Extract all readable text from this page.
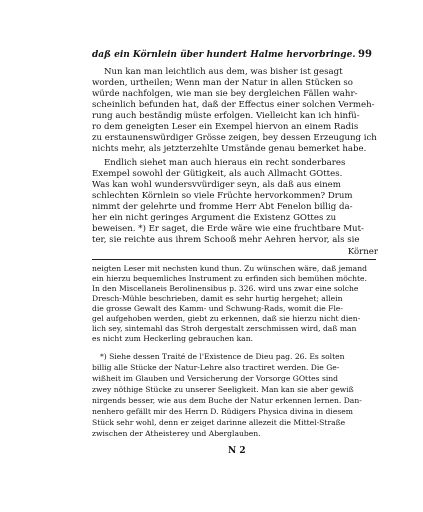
daß ein Körnlein über hundert Halme hervorbringe. 99
Nun kan man leichtlich aus dem, was bisher ist gesagt
worden, urtheilen; Wenn man der Natur in allen Stücken so
würde nachfolgen, wie man sie bey dergleichen Fällen wahr-
scheinlich befunden hat, daß der Effectus einer solchen Vermeh-
rung auch beständig müste erfolgen. Vielleicht kan ich hinfü-
ro dem geneigten Leser ein Exempel hiervon an einem Radis
zu erstaunenswürdiger Grösse zeigen, bey dessen Erzeugung ich
nichts mehr, als jetzterzehlte Umstände genau bemerket habe.
Endlich siehet man auch hieraus ein recht sonderbares
Exempel sowohl der Gütigkeit, als auch Allmacht GOttes.
Was kan wohl wundersvvürdiger seyn, als daß aus einem
schlechten Körnlein so viele Früchte hervorkommen? Drum
nimmt der gelehrte und fromme Herr Abt Fenelon billig da-
her ein nicht geringes Argument die Existenz GOttes zu
beweisen. *) Er saget, die Erde wäre wie eine fruchtbare Mut-
ter, sie reichte aus ihrem Schooß mehr Aehren hervor, als sie
Körner
neigten Leser mit nechsten kund thun. Zu wünschen wäre, daß jemand
ein hierzu bequemliches Instrument zu erfinden sich bemühen möchte.
In den Miscellaneis Berolinensibus p. 326. wird uns zwar eine solche
Dresch-Mühle beschrieben, damit es sehr hurtig hergehet; allein
die grosse Gewalt des Kamm- und Schwung-Rads, womit die Fle-
gel aufgehoben werden, giebt zu erkennen, daß sie hierzu nicht dien-
lich sey, sintemahl das Stroh dergestalt zerschmissen wird, daß man
es nicht zum Heckerling gebrauchen kan.
*) Siehe dessen Traité de l'Existence de Dieu pag. 26. Es solten
billig alle Stücke der Natur-Lehre also tractiret werden. Die Ge-
wißheit im Glauben und Versicherung der Vorsorge GOttes sind
zwey nöthige Stücke zu unserer Seeligkeit. Man kan sie aber gewiß
nirgends besser, wie aus dem Buche der Natur erkennen lernen. Dan-
nenhero gefällt mir des Herrn D. Rüdigers Physica divina in diesem
Stück sehr wohl, denn er zeiget darinne allezeit die Mittel-Straße
zwischen der Atheisterey und Aberglauben.
N 2
